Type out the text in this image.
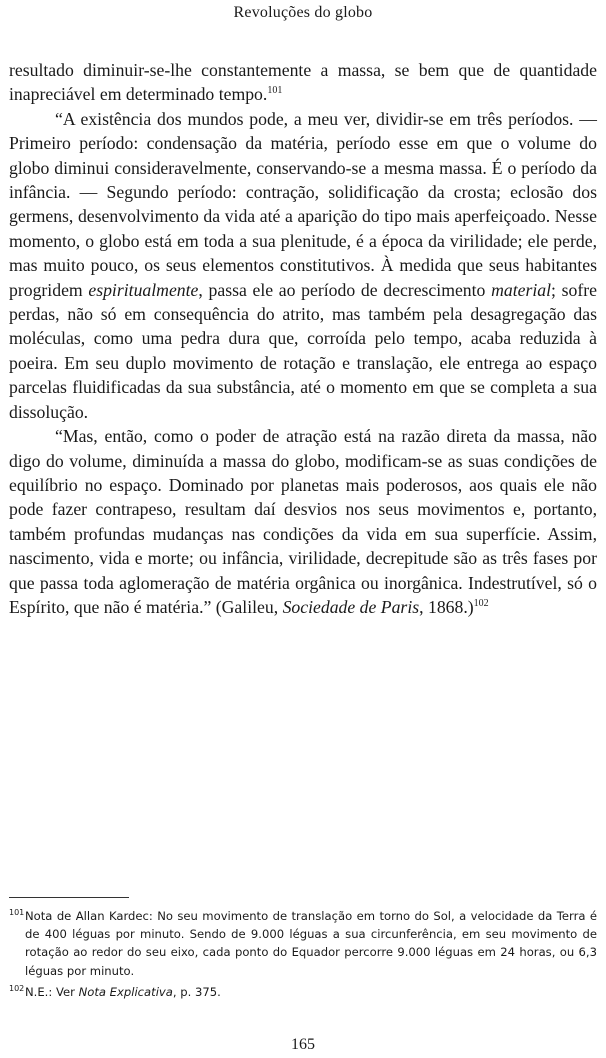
Revoluções do globo

resultado diminuir-se-lhe constantemente a massa, se bem que de quantidade inapreciável em determinado tempo.$^{101}$

“A existência dos mundos pode, a meu ver, dividir-se em três períodos. — Primeiro período: condensação da matéria, período esse em que o volume do globo diminui consideravelmente, conservando-se a mesma massa. É o período da infância. — Segundo período: contração, solidificação da crosta; eclosão dos germens, desenvolvimento da vida até a aparição do tipo mais aperfeiçoado. Nesse momento, o globo está em toda a sua plenitude, é a época da virilidade; ele perde, mas muito pouco, os seus elementos constitutivos. À medida que seus habitantes progridem espiritualmente, passa ele ao período de decrescimento material; sofre perdas, não só em consequência do atrito, mas também pela desagregação das moléculas, como uma pedra dura que, corroída pelo tempo, acaba reduzida à poeira. Em seu duplo movimento de rotação e translação, ele entrega ao espaço parcelas fluidificadas da sua substância, até o momento em que se completa a sua dissolução.

“Mas, então, como o poder de atração está na razão direta da massa, não digo do volume, diminuída a massa do globo, modificam-se as suas condições de equilíbrio no espaço. Dominado por planetas mais poderosos, aos quais ele não pode fazer contrapeso, resultam daí desvios nos seus movimentos e, portanto, também profundas mudanças nas condições da vida em sua superfície. Assim, nascimento, vida e morte; ou infância, virilidade, decrepitude são as três fases por que passa toda aglomeração de matéria orgânica ou inorgânica. Indestrutível, só o Espírito, que não é matéria.” (Galileu, Sociedade de Paris, 1868.)$^{102}$

101 Nota de Allan Kardec: No seu movimento de translação em torno do Sol, a velocidade da Terra é de 400 léguas por minuto. Sendo de 9.000 léguas a sua circunferência, em seu movimento de rotação ao redor do seu eixo, cada ponto do Equador percorre 9.000 léguas em 24 horas, ou 6,3 léguas por minuto.

102 N.E.: Ver Nota Explicativa, p. 375.

165
